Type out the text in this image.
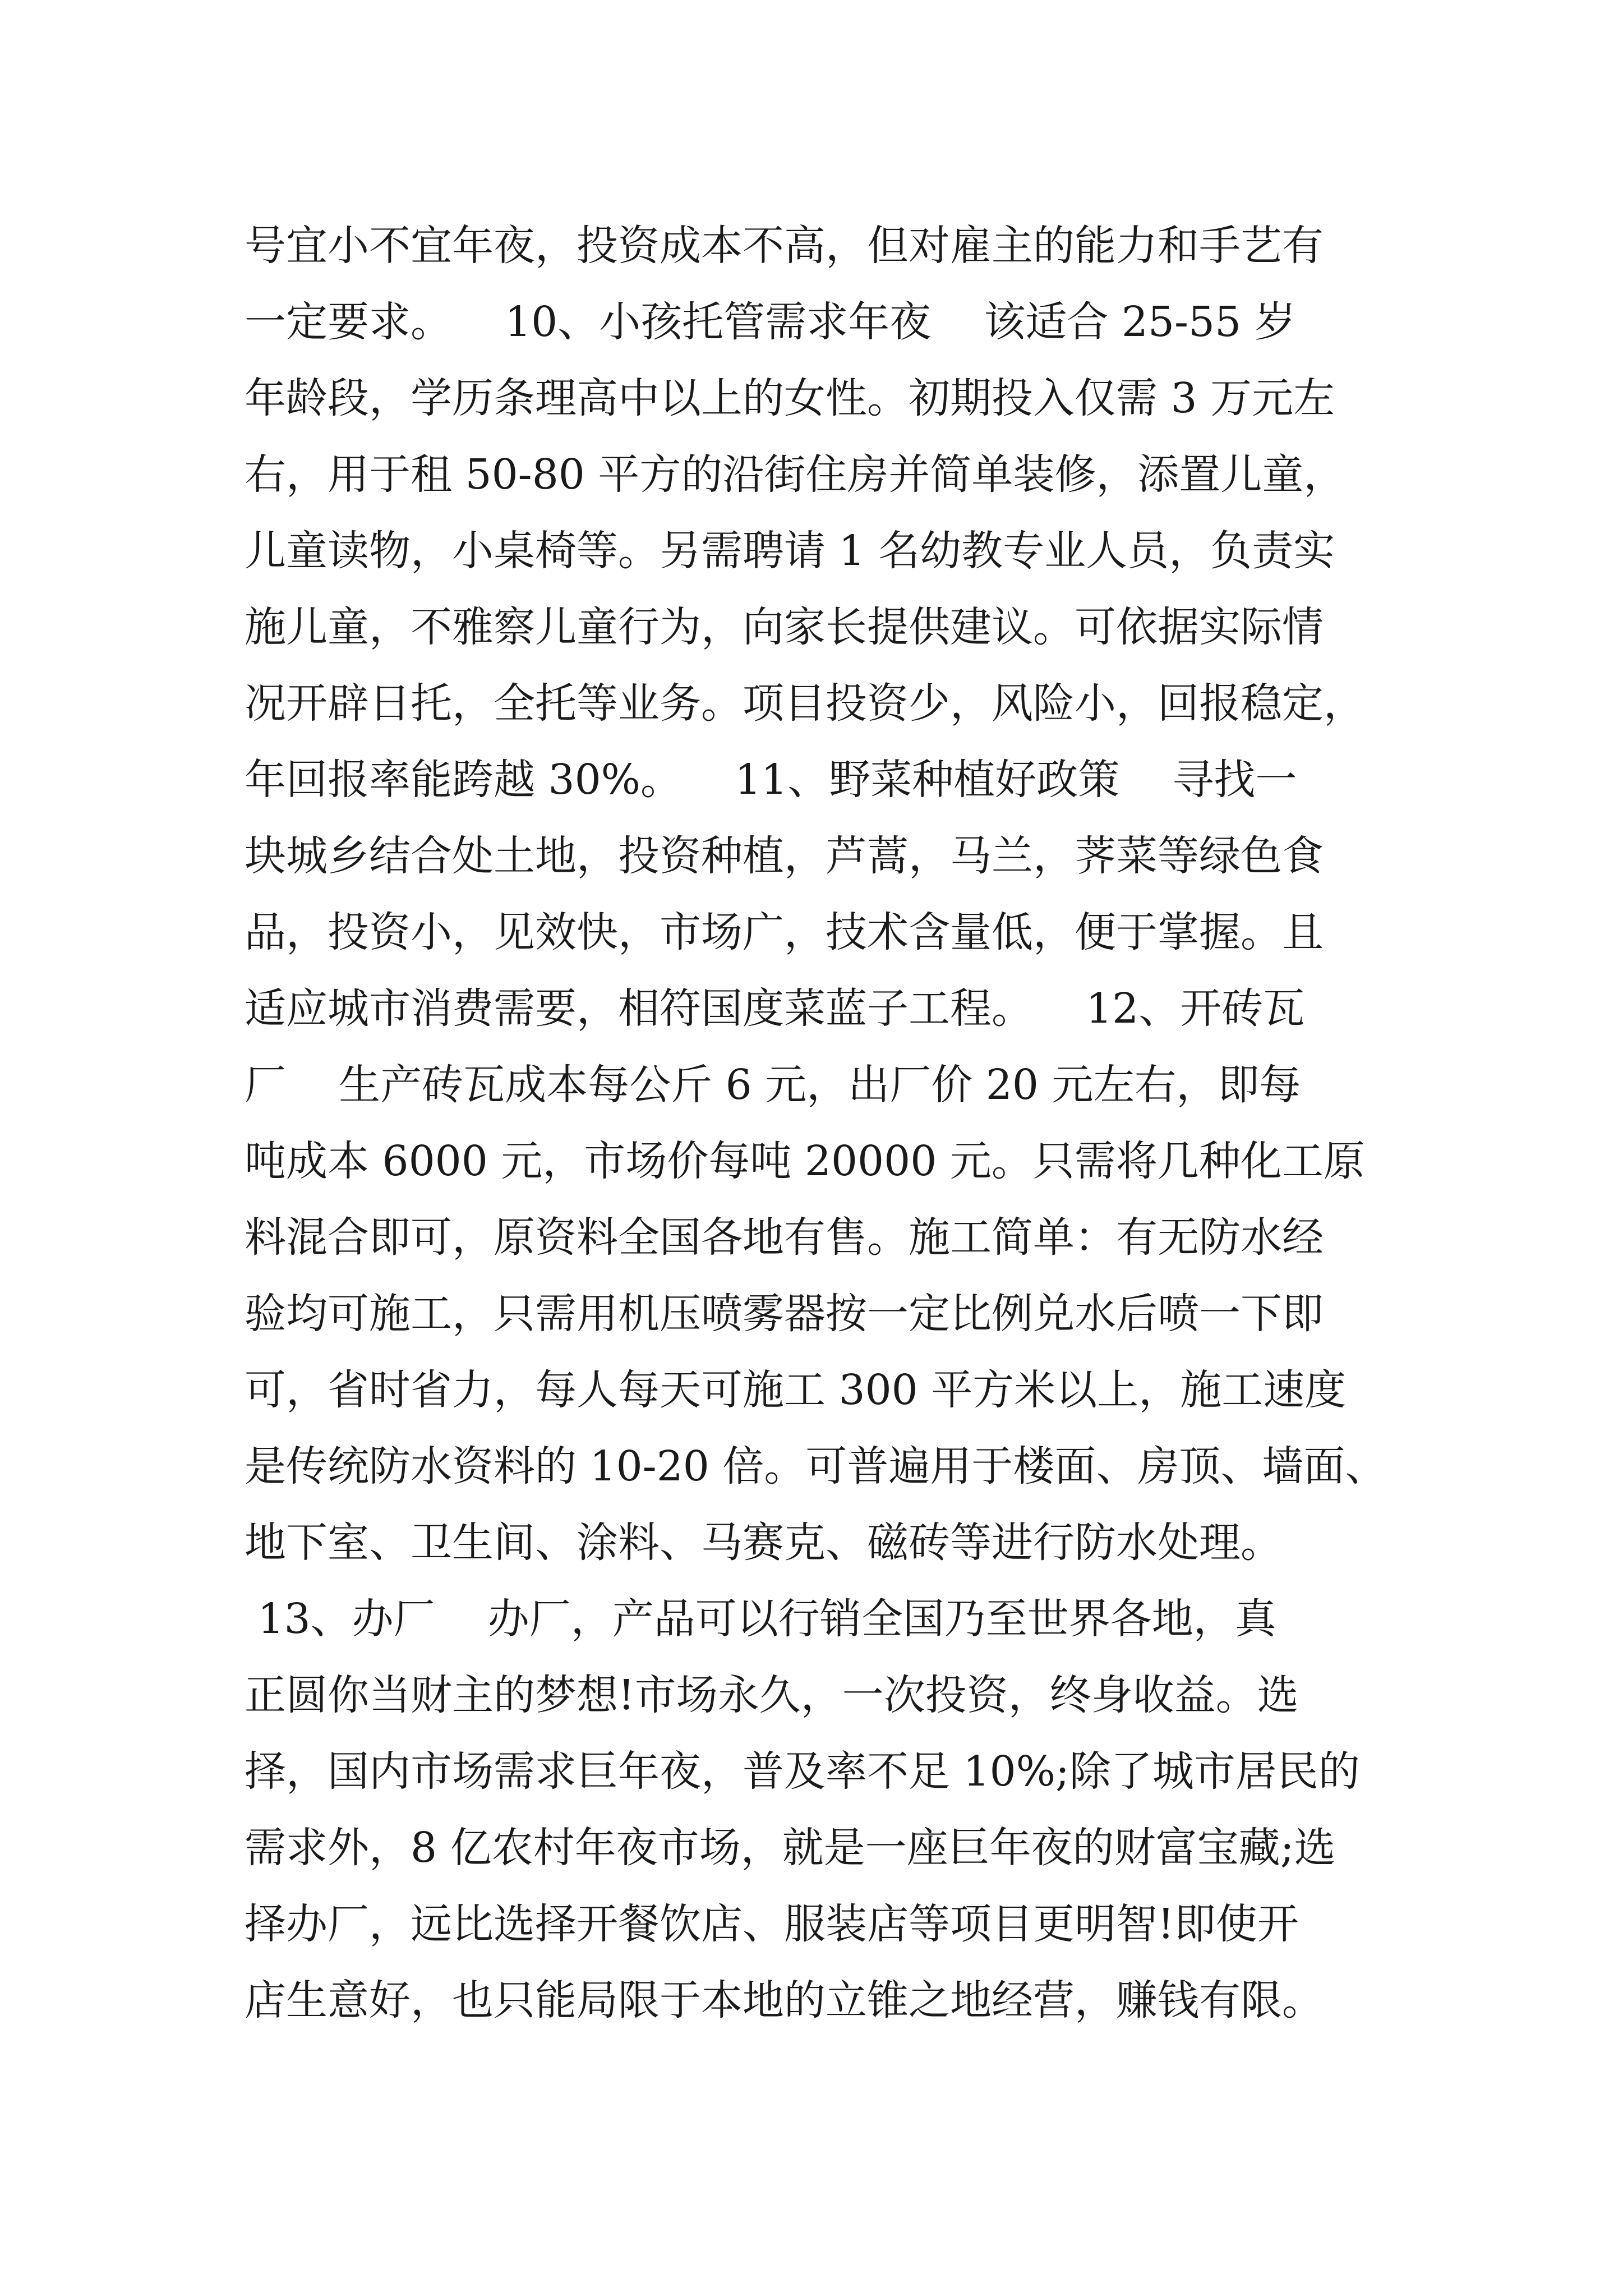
号宜小不宜年夜，投资成本不高，但对雇主的能力和手艺有
一定要求。    10、小孩托管需求年夜    该适合 25-55 岁
年龄段，学历条理高中以上的女性。初期投入仅需 3 万元左
右，用于租 50-80 平方的沿街住房并简单装修，添置儿童，
儿童读物，小桌椅等。另需聘请 1 名幼教专业人员，负责实
施儿童，不雅察儿童行为，向家长提供建议。可依据实际情
况开辟日托，全托等业务。项目投资少，风险小，回报稳定，
年回报率能跨越 30%。    11、野菜种植好政策    寻找一
块城乡结合处土地，投资种植，芦蒿，马兰，荠菜等绿色食
品，投资小，见效快，市场广，技术含量低，便于掌握。且
适应城市消费需要，相符国度菜蓝子工程。    12、开砖瓦
厂    生产砖瓦成本每公斤 6 元，出厂价 20 元左右，即每
吨成本 6000 元，市场价每吨 20000 元。只需将几种化工原
料混合即可，原资料全国各地有售。施工简单：有无防水经
验均可施工，只需用机压喷雾器按一定比例兑水后喷一下即
可，省时省力，每人每天可施工 300 平方米以上，施工速度
是传统防水资料的 10-20 倍。可普遍用于楼面、房顶、墙面、
地下室、卫生间、涂料、马赛克、磁砖等进行防水处理。
13、办厂    办厂，产品可以行销全国乃至世界各地，真
正圆你当财主的梦想!市场永久，一次投资，终身收益。选
择，国内市场需求巨年夜，普及率不足 10%;除了城市居民的
需求外，8 亿农村年夜市场，就是一座巨年夜的财富宝藏;选
择办厂，远比选择开餐饮店、服装店等项目更明智!即使开
店生意好，也只能局限于本地的立锥之地经营，赚钱有限。
